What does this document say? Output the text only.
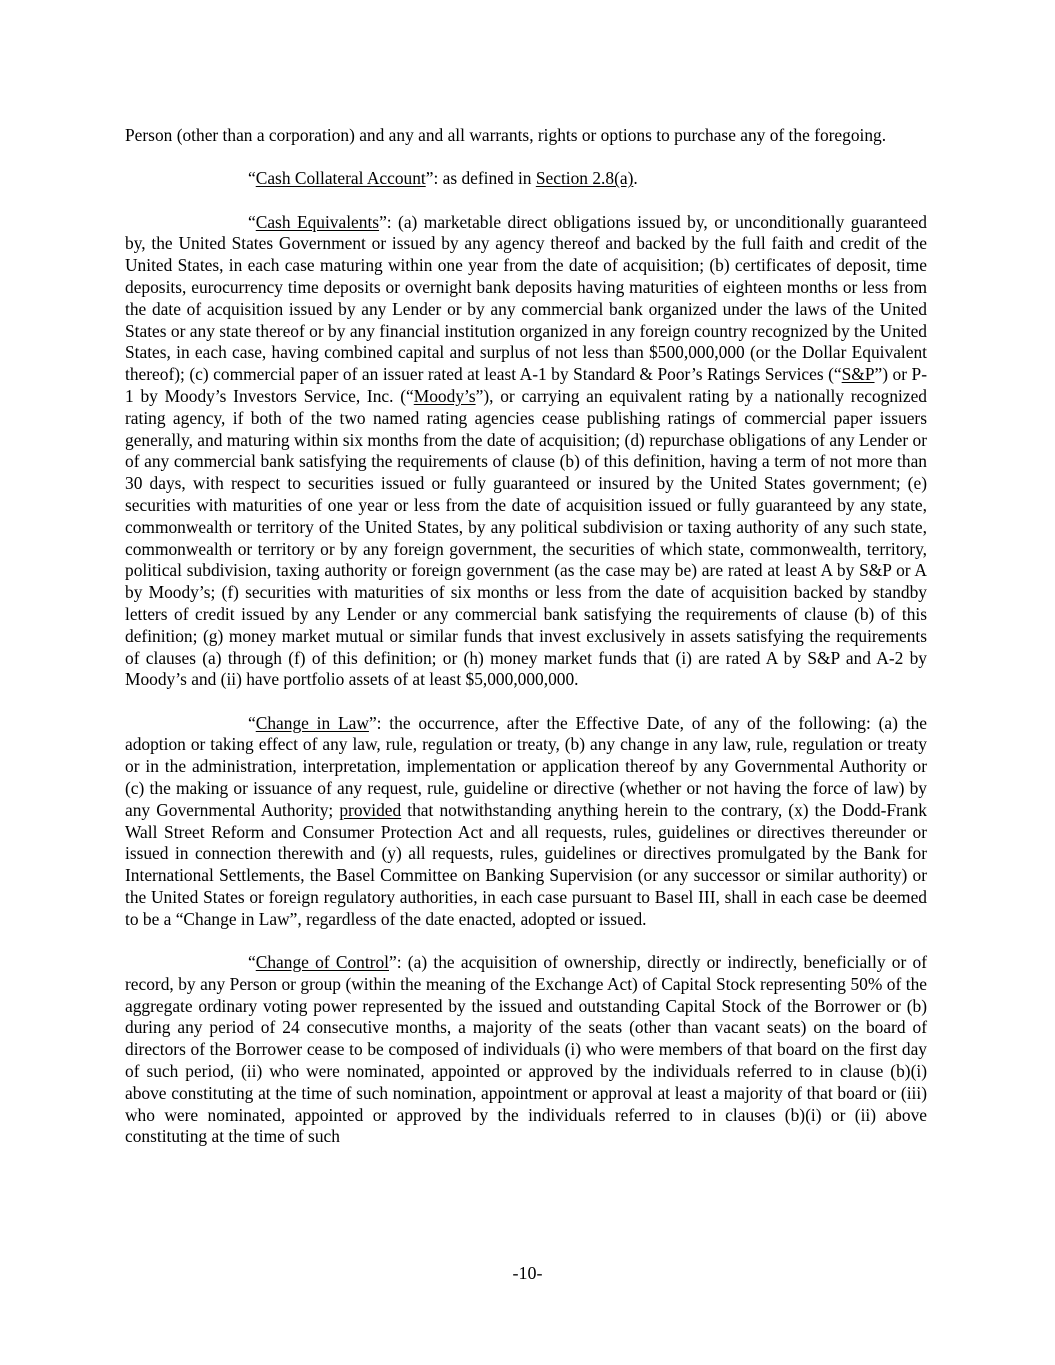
Person (other than a corporation) and any and all warrants, rights or options to purchase any of the foregoing.

“Cash Collateral Account”: as defined in Section 2.8(a).

“Cash Equivalents”: (a) marketable direct obligations issued by, or unconditionally guaranteed by, the United States Government or issued by any agency thereof and backed by the full faith and credit of the United States, in each case maturing within one year from the date of acquisition; (b) certificates of deposit, time deposits, eurocurrency time deposits or overnight bank deposits having maturities of eighteen months or less from the date of acquisition issued by any Lender or by any commercial bank organized under the laws of the United States or any state thereof or by any financial institution organized in any foreign country recognized by the United States, in each case, having combined capital and surplus of not less than $500,000,000 (or the Dollar Equivalent thereof); (c) commercial paper of an issuer rated at least A-1 by Standard & Poor’s Ratings Services (“S&P”) or P-1 by Moody’s Investors Service, Inc. (“Moody’s”), or carrying an equivalent rating by a nationally recognized rating agency, if both of the two named rating agencies cease publishing ratings of commercial paper issuers generally, and maturing within six months from the date of acquisition; (d) repurchase obligations of any Lender or of any commercial bank satisfying the requirements of clause (b) of this definition, having a term of not more than 30 days, with respect to securities issued or fully guaranteed or insured by the United States government; (e) securities with maturities of one year or less from the date of acquisition issued or fully guaranteed by any state, commonwealth or territory of the United States, by any political subdivision or taxing authority of any such state, commonwealth or territory or by any foreign government, the securities of which state, commonwealth, territory, political subdivision, taxing authority or foreign government (as the case may be) are rated at least A by S&P or A by Moody’s; (f) securities with maturities of six months or less from the date of acquisition backed by standby letters of credit issued by any Lender or any commercial bank satisfying the requirements of clause (b) of this definition; (g) money market mutual or similar funds that invest exclusively in assets satisfying the requirements of clauses (a) through (f) of this definition; or (h) money market funds that (i) are rated A by S&P and A-2 by Moody’s and (ii) have portfolio assets of at least $5,000,000,000.

“Change in Law”: the occurrence, after the Effective Date, of any of the following: (a) the adoption or taking effect of any law, rule, regulation or treaty, (b) any change in any law, rule, regulation or treaty or in the administration, interpretation, implementation or application thereof by any Governmental Authority or (c) the making or issuance of any request, rule, guideline or directive (whether or not having the force of law) by any Governmental Authority; provided that notwithstanding anything herein to the contrary, (x) the Dodd-Frank Wall Street Reform and Consumer Protection Act and all requests, rules, guidelines or directives thereunder or issued in connection therewith and (y) all requests, rules, guidelines or directives promulgated by the Bank for International Settlements, the Basel Committee on Banking Supervision (or any successor or similar authority) or the United States or foreign regulatory authorities, in each case pursuant to Basel III, shall in each case be deemed to be a “Change in Law”, regardless of the date enacted, adopted or issued.

“Change of Control”: (a) the acquisition of ownership, directly or indirectly, beneficially or of record, by any Person or group (within the meaning of the Exchange Act) of Capital Stock representing 50% of the aggregate ordinary voting power represented by the issued and outstanding Capital Stock of the Borrower or (b) during any period of 24 consecutive months, a majority of the seats (other than vacant seats) on the board of directors of the Borrower cease to be composed of individuals (i) who were members of that board on the first day of such period, (ii) who were nominated, appointed or approved by the individuals referred to in clause (b)(i) above constituting at the time of such nomination, appointment or approval at least a majority of that board or (iii) who were nominated, appointed or approved by the individuals referred to in clauses (b)(i) or (ii) above constituting at the time of such

-10-
